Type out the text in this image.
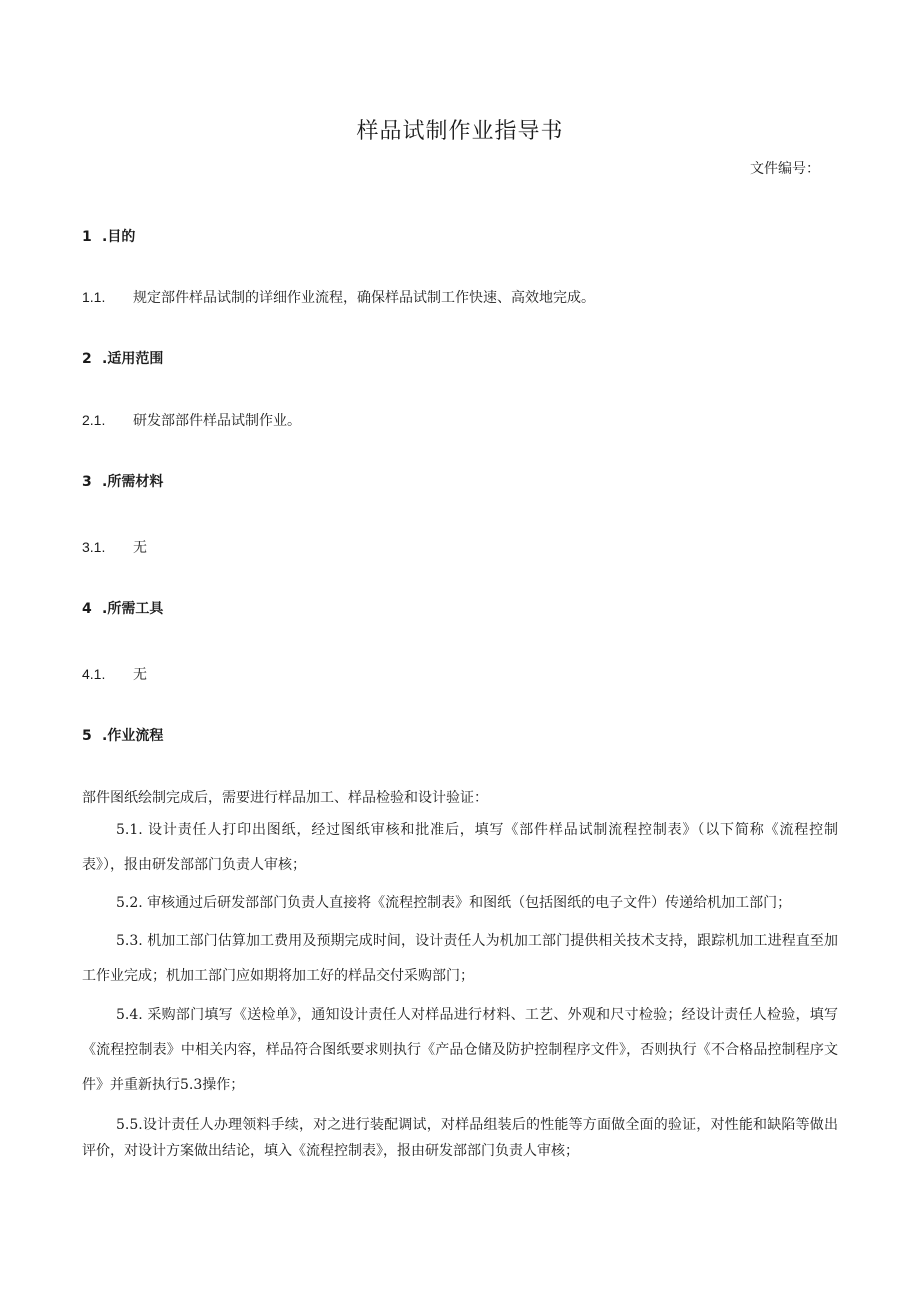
样品试制作业指导书
文件编号：
1 .目的
1.1. 规定部件样品试制的详细作业流程，确保样品试制工作快速、高效地完成。
2 .适用范围
2.1. 研发部部件样品试制作业。
3 .所需材料
3.1. 无
4 .所需工具
4.1. 无
5 .作业流程
部件图纸绘制完成后，需要进行样品加工、样品检验和设计验证：
5.1. 设计责任人打印出图纸，经过图纸审核和批准后，填写《部件样品试制流程控制表》（以下简称《流程控制表》），报由研发部部门负责人审核；
5.2. 审核通过后研发部部门负责人直接将《流程控制表》和图纸（包括图纸的电子文件）传递给机加工部门；
5.3. 机加工部门估算加工费用及预期完成时间，设计责任人为机加工部门提供相关技术支持，跟踪机加工进程直至加工作业完成；机加工部门应如期将加工好的样品交付采购部门；
5.4. 采购部门填写《送检单》，通知设计责任人对样品进行材料、工艺、外观和尺寸检验；经设计责任人检验，填写《流程控制表》中相关内容，样品符合图纸要求则执行《产品仓储及防护控制程序文件》，否则执行《不合格品控制程序文件》并重新执行5.3操作；
5.5.设计责任人办理领料手续，对之进行装配调试，对样品组装后的性能等方面做全面的验证，对性能和缺陷等做出评价，对设计方案做出结论，填入《流程控制表》，报由研发部部门负责人审核；
